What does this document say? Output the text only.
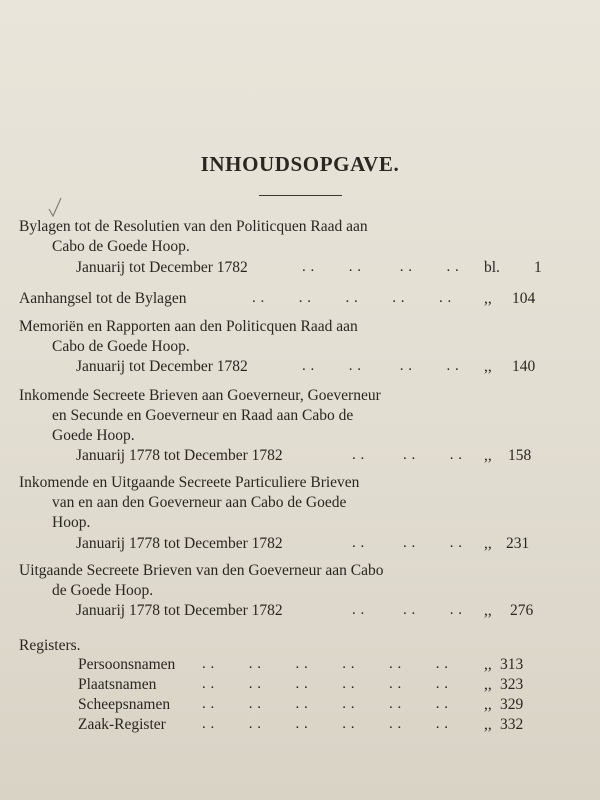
INHOUDSOPGAVE.
Bylagen tot de Resolutien van den Politicquen Raad aan
Cabo de Goede Hoop.
Januarij tot December 1782	. .        . .         . .        . . bl. 1
Aanhangsel tot de Bylagen	. .        . .        . .        . .        . . ,, 104
Memoriën en Rapporten aan den Politicquen Raad aan
Cabo de Goede Hoop.
Januarij tot December 1782	. .        . .         . .        . . ,, 140
Inkomende Secreete Brieven aan Goeverneur, Goeverneur
en Secunde en Goeverneur en Raad aan Cabo de
Goede Hoop.
Januarij 1778 tot December 1782	. .         . .        . . ,, 158
Inkomende en Uitgaande Secreete Particuliere Brieven
van en aan den Goeverneur aan Cabo de Goede
Hoop.
Januarij 1778 tot December 1782	. .         . .        . . ,, 231
Uitgaande Secreete Brieven van den Goeverneur aan Cabo
de Goede Hoop.
Januarij 1778 tot December 1782	. .         . .        . . ,, 276
Registers.
Persoonsnamen . .        . .        . .        . .        . .        . . ,, 313
Plaatsnamen	. .        . .        . .        . .        . .        . . ,, 323
Scheepsnamen . .        . .        . .        . .        . .        . . ,, 329
Zaak-Register . .        . .        . .        . .        . .        . . ,, 332
